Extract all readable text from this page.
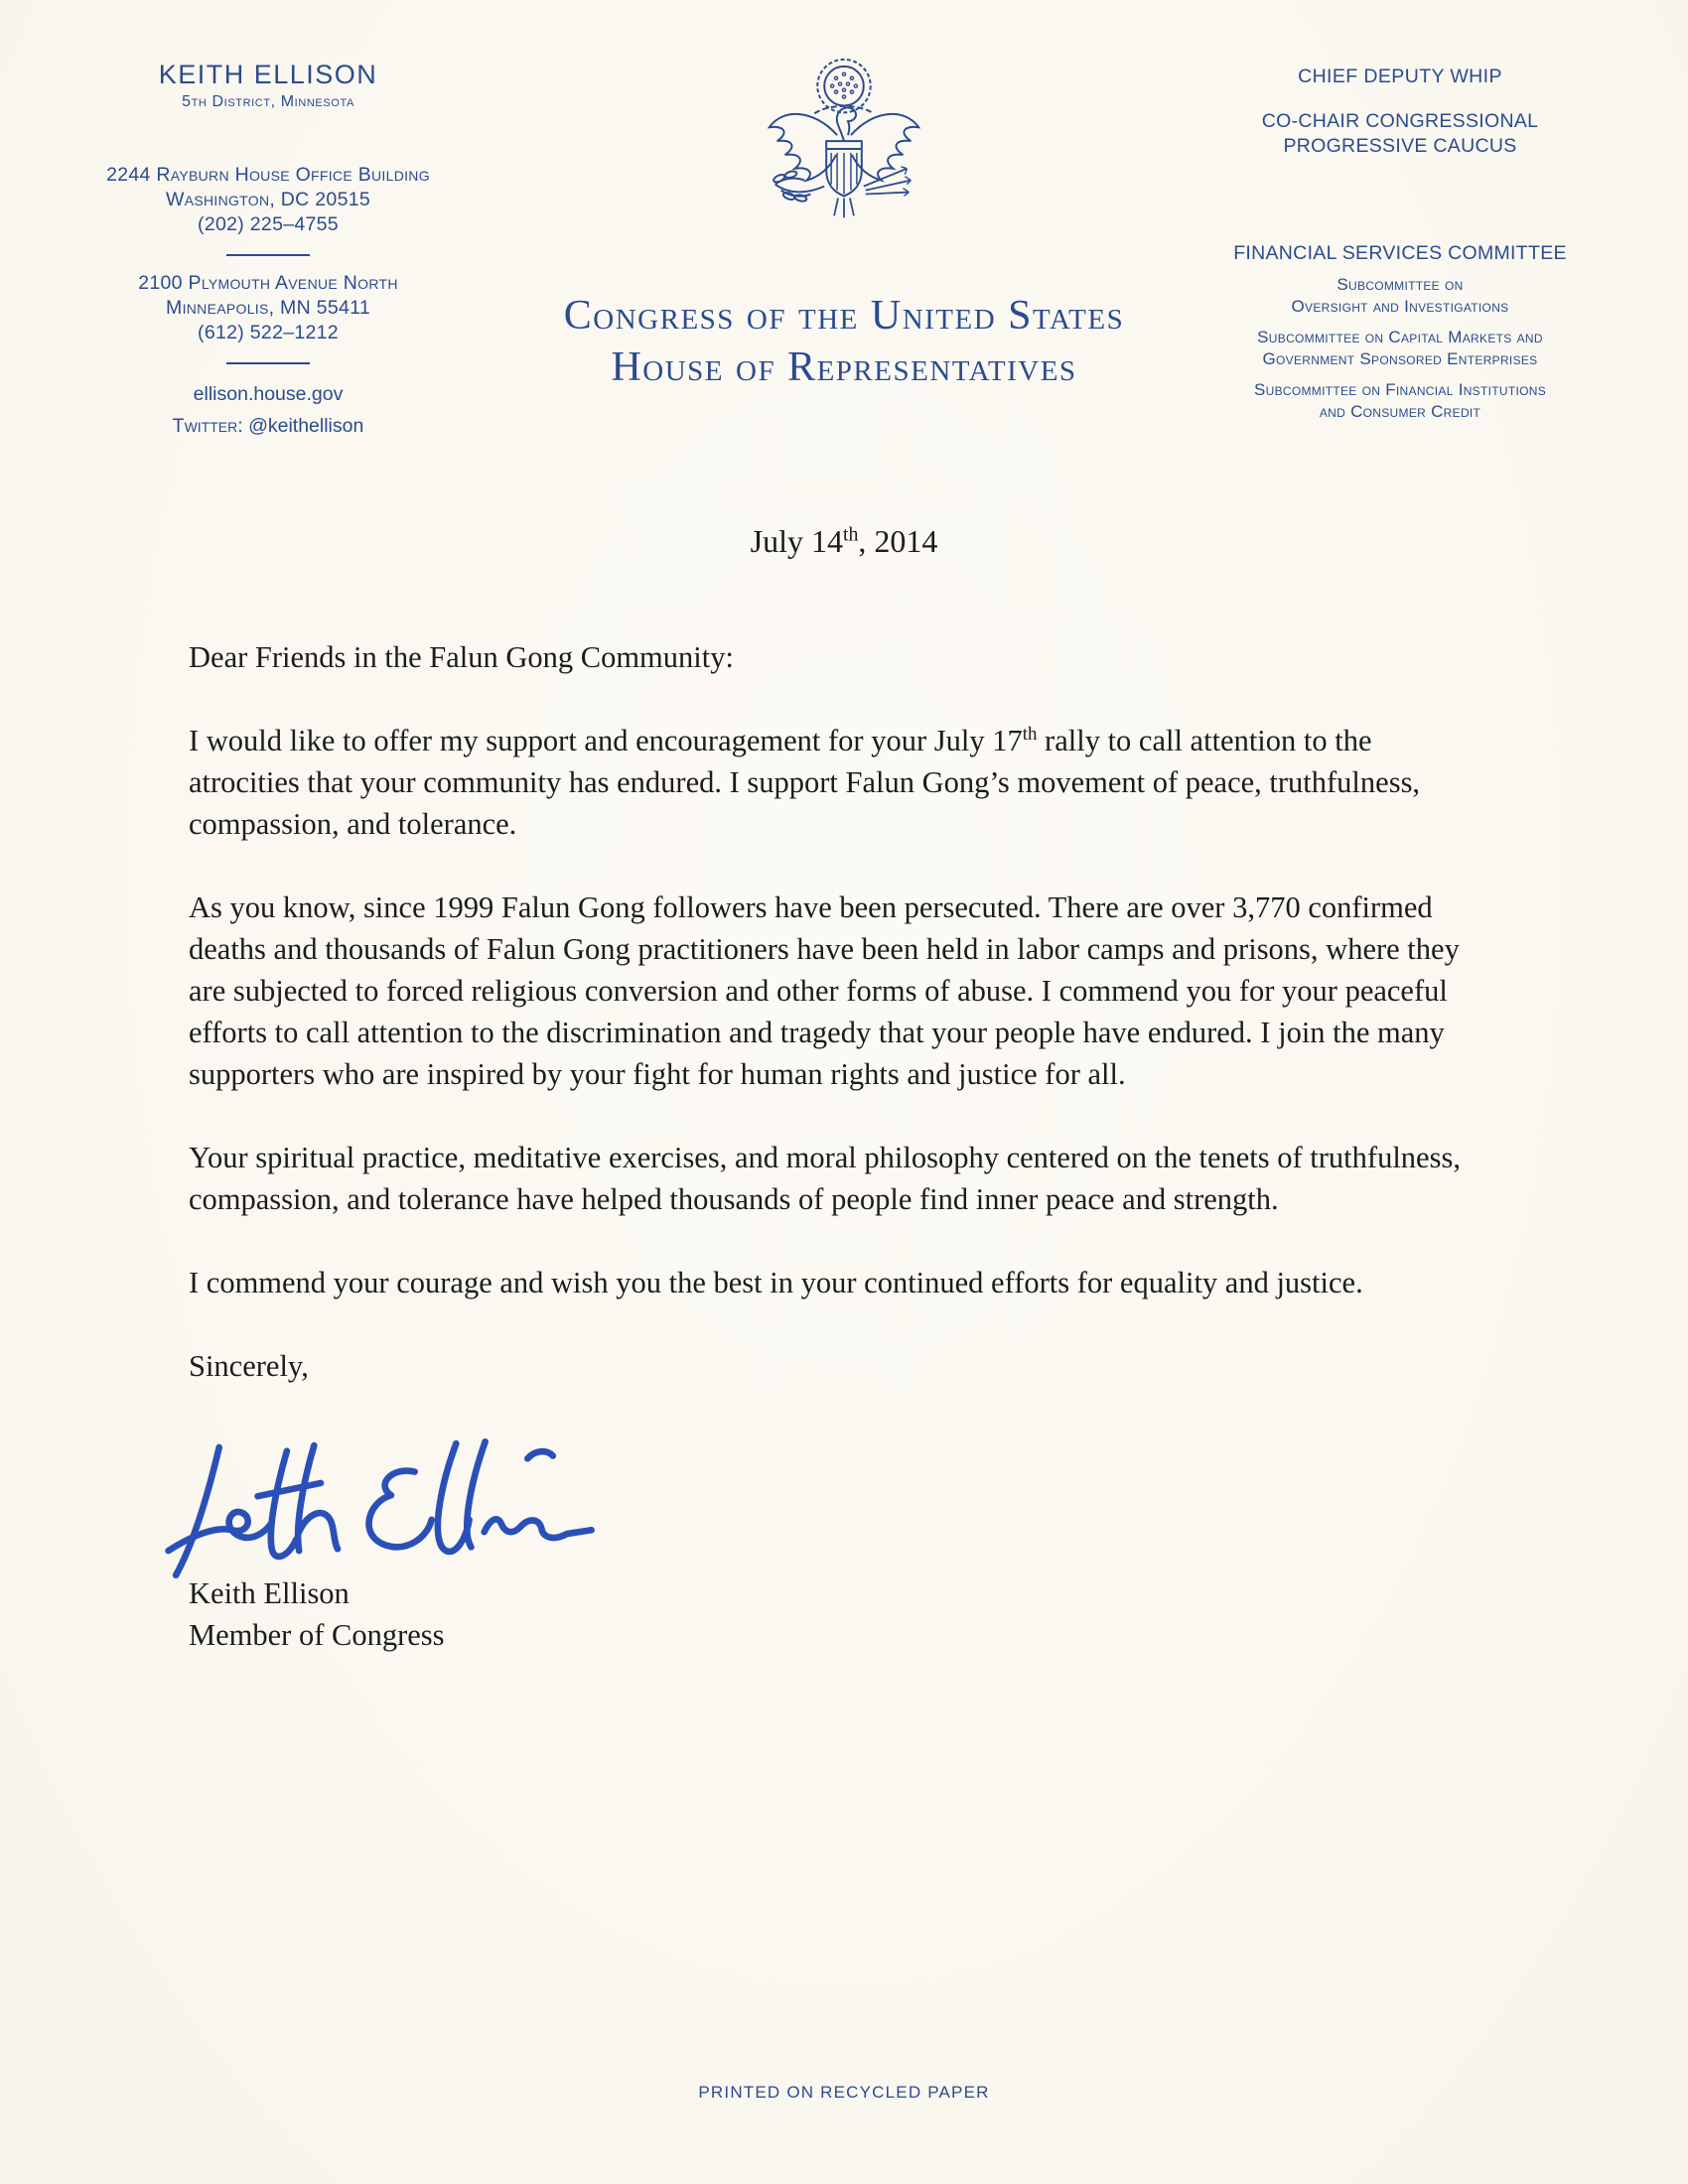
KEITH ELLISON
5th District, Minnesota
2244 Rayburn House Office Building
Washington, DC 20515
(202) 225–4755
2100 Plymouth Avenue North
Minneapolis, MN 55411
(612) 522–1212
ellison.house.gov
Twitter: @keithellison
Congress of the United States
House of Representatives
CHIEF DEPUTY WHIP
CO-CHAIR CONGRESSIONAL
PROGRESSIVE CAUCUS
FINANCIAL SERVICES COMMITTEE
Subcommittee on
Oversight and Investigations
Subcommittee on Capital Markets and
Government Sponsored Enterprises
Subcommittee on Financial Institutions
and Consumer Credit
July 14th, 2014

Dear Friends in the Falun Gong Community:

I would like to offer my support and encouragement for your July 17th rally to call attention to the atrocities that your community has endured. I support Falun Gong’s movement of peace, truthfulness, compassion, and tolerance.

As you know, since 1999 Falun Gong followers have been persecuted. There are over 3,770 confirmed deaths and thousands of Falun Gong practitioners have been held in labor camps and prisons, where they are subjected to forced religious conversion and other forms of abuse. I commend you for your peaceful efforts to call attention to the discrimination and tragedy that your people have endured. I join the many supporters who are inspired by your fight for human rights and justice for all.

Your spiritual practice, meditative exercises, and moral philosophy centered on the tenets of truthfulness, compassion, and tolerance have helped thousands of people find inner peace and strength.

I commend your courage and wish you the best in your continued efforts for equality and justice.

Sincerely,

Keith Ellison
Member of Congress
PRINTED ON RECYCLED PAPER
